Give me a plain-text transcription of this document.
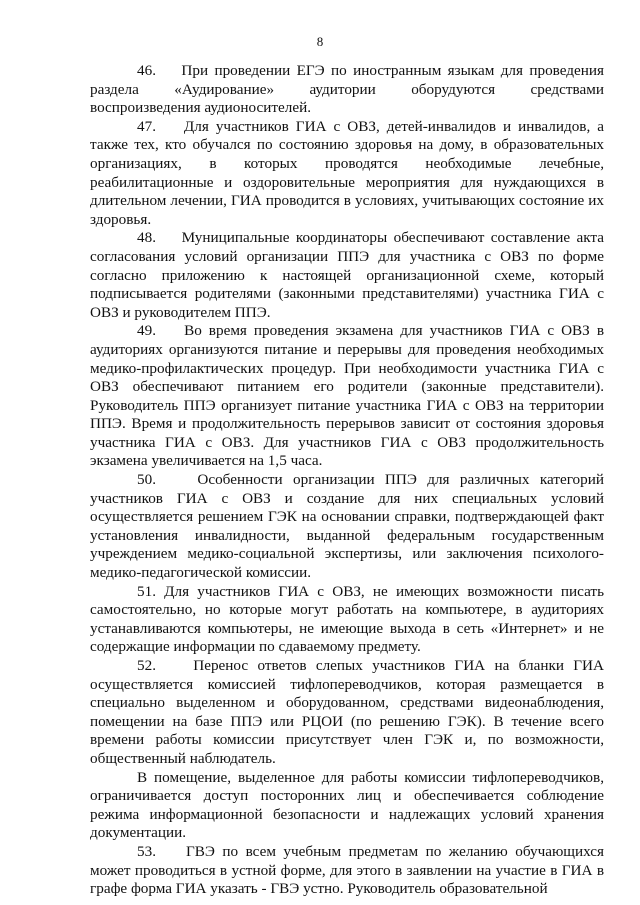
8

46.    При проведении ЕГЭ по иностранным языкам для проведения раздела     «Аудирование»     аудитории     оборудуются     средствами воспроизведения аудионосителей.

47.    Для участников ГИА с ОВЗ, детей-инвалидов и инвалидов, а также тех, кто обучался по состоянию здоровья на дому, в образовательных организациях, в которых проводятся необходимые лечебные, реабилитационные и оздоровительные мероприятия для нуждающихся в длительном лечении, ГИА проводится в условиях, учитывающих состояние их здоровья.

48.    Муниципальные координаторы обеспечивают составление акта согласования условий организации ППЭ для участника с ОВЗ по форме согласно приложению к настоящей организационной схеме, который подписывается родителями (законными представителями) участника ГИА с ОВЗ и руководителем ППЭ.

49.    Во время проведения экзамена для участников ГИА с ОВЗ в аудиториях организуются питание и перерывы для проведения необходимых медико-профилактических процедур. При необходимости участника ГИА с ОВЗ обеспечивают питанием его родители (законные представители). Руководитель ППЭ организует питание участника ГИА с ОВЗ на территории ППЭ. Время и продолжительность перерывов зависит от состояния здоровья участника ГИА с ОВЗ. Для участников ГИА с ОВЗ продолжительность экзамена увеличивается на 1,5 часа.

50.    Особенности организации ППЭ для различных категорий участников ГИА с ОВЗ и создание для них специальных условий осуществляется решением ГЭК на основании справки, подтверждающей факт установления инвалидности, выданной федеральным государственным учреждением медико-социальной экспертизы, или заключения психолого-медико-педагогической комиссии.

51. Для участников ГИА с ОВЗ, не имеющих возможности писать самостоятельно, но которые могут работать на компьютере, в аудиториях устанавливаются компьютеры, не имеющие выхода в сеть «Интернет» и не содержащие информации по сдаваемому предмету.

52.    Перенос ответов слепых участников ГИА на бланки ГИА осуществляется комиссией тифлопереводчиков, которая размещается в специально выделенном и оборудованном, средствами видеонаблюдения, помещении на базе ППЭ или РЦОИ (по решению ГЭК). В течение всего времени работы комиссии присутствует член ГЭК и, по возможности, общественный наблюдатель.

В помещение, выделенное для работы комиссии тифлопереводчиков, ограничивается доступ посторонних лиц и обеспечивается соблюдение режима информационной безопасности и надлежащих условий хранения документации.

53.    ГВЭ по всем учебным предметам по желанию обучающихся может проводиться в устной форме, для этого в заявлении на участие в ГИА в графе форма ГИА указать - ГВЭ устно. Руководитель образовательной
